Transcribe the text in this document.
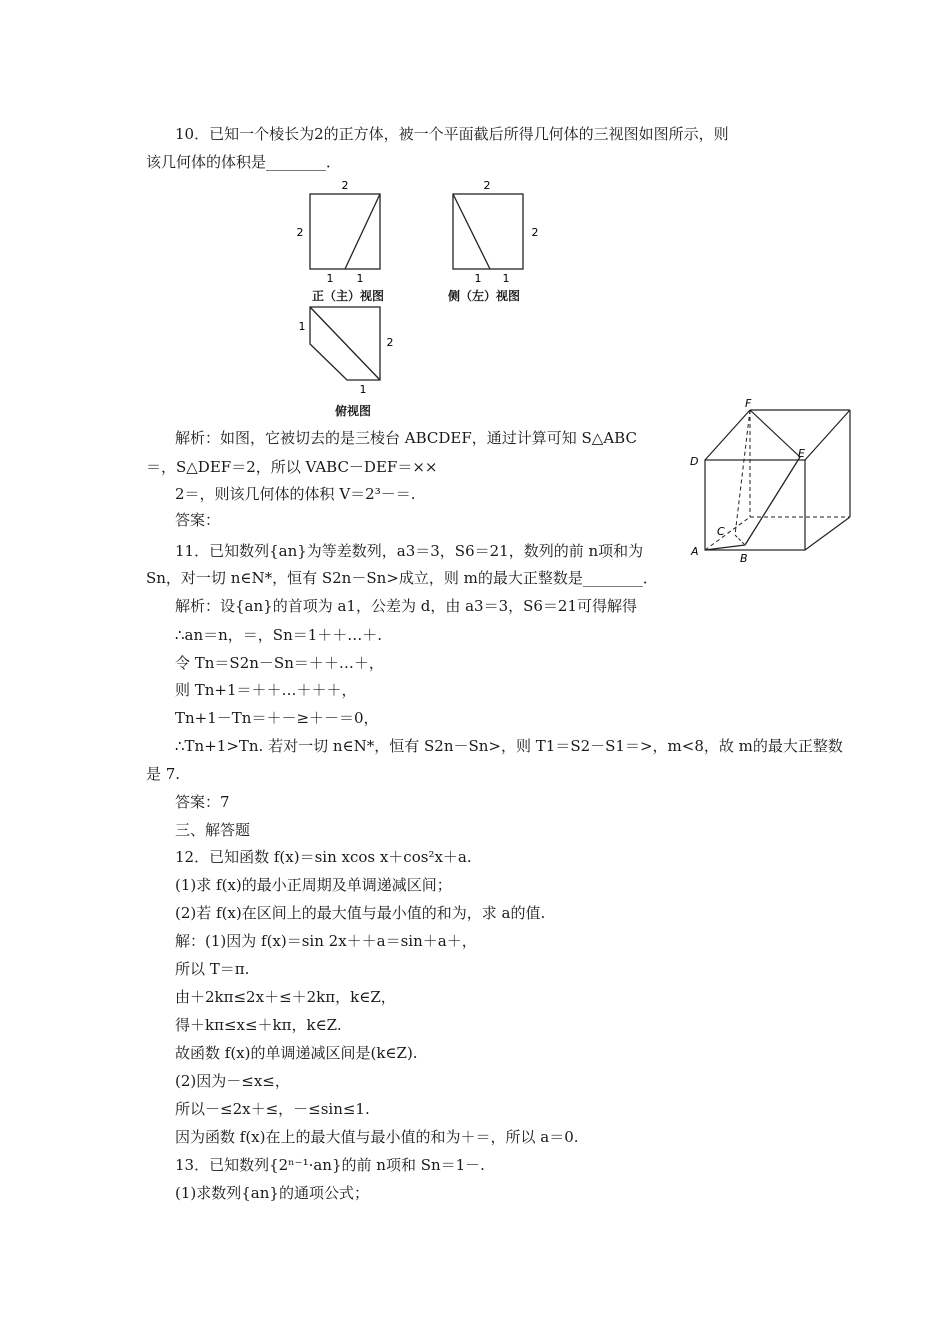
10．已知一个棱长为2的正方体，被一个平面截后所得几何体的三视图如图所示，则
该几何体的体积是________．
2
2
1 1
正（主）视图
2
2
1 1
侧（左）视图
1
2
1
俯视图
F
D
E
C
A
B
解析：如图，它被切去的是三棱台 ABCDEF，通过计算可知 S△ABC
＝，S△DEF＝2，所以 VABC－DEF＝××
2＝，则该几何体的体积 V＝2³－＝.
答案：
11．已知数列{an}为等差数列，a3＝3，S6＝21，数列的前 n项和为
Sn，对一切 n∈N*，恒有 S2n－Sn>成立，则 m的最大正整数是________．
解析：设{an}的首项为 a1，公差为 d，由 a3＝3，S6＝21可得解得
∴an＝n，＝，Sn＝1＋＋…＋.
令 Tn＝S2n－Sn＝＋＋…＋，
则 Tn+1＝＋＋…＋＋＋，
Tn+1－Tn＝＋－≥＋－＝0，
∴Tn+1>Tn. 若对一切 n∈N*，恒有 S2n－Sn>，则 T1＝S2－S1＝>，m<8，故 m的最大正整数
是 7.
答案：7
三、解答题
12．已知函数 f(x)＝sin xcos x＋cos²x＋a.
(1)求 f(x)的最小正周期及单调递减区间；
(2)若 f(x)在区间上的最大值与最小值的和为，求 a的值.
解：(1)因为 f(x)＝sin 2x＋＋a＝sin＋a＋，
所以 T＝π.
由＋2kπ≤2x＋≤＋2kπ，k∈Z，
得＋kπ≤x≤＋kπ，k∈Z.
故函数 f(x)的单调递减区间是(k∈Z).
(2)因为－≤x≤，
所以－≤2x＋≤，－≤sin≤1.
因为函数 f(x)在上的最大值与最小值的和为＋＝，所以 a＝0.
13．已知数列{2ⁿ⁻¹·an}的前 n项和 Sn＝1－.
(1)求数列{an}的通项公式；
